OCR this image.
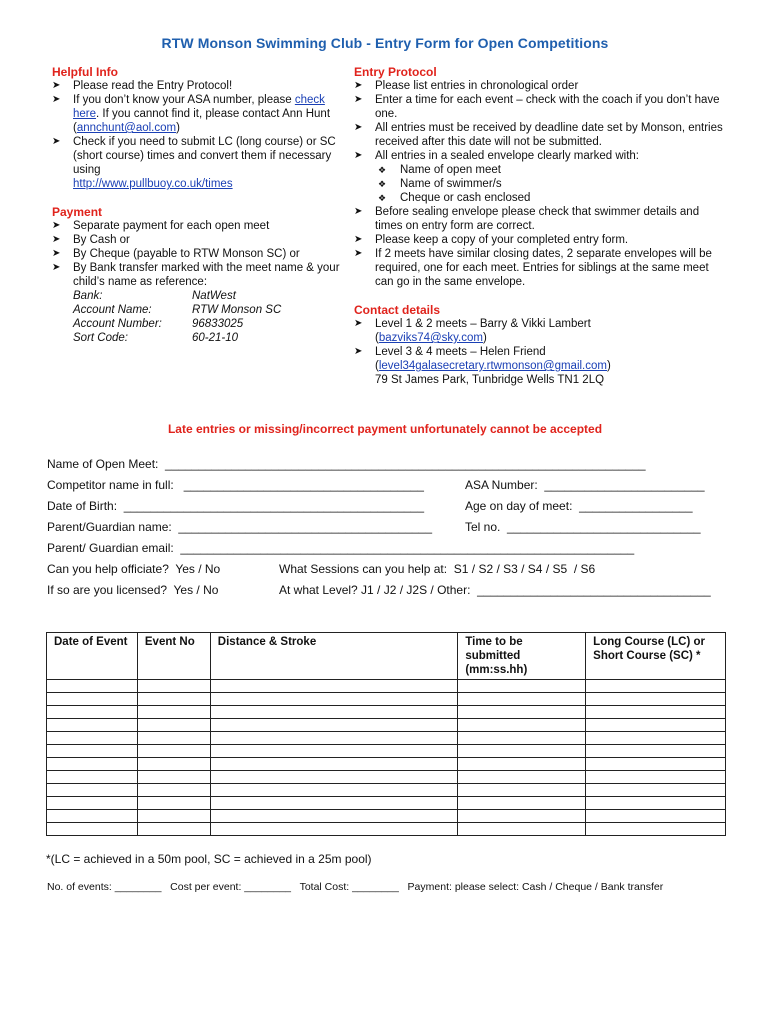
RTW Monson Swimming Club - Entry Form for Open Competitions
Helpful Info
➤ Please read the Entry Protocol!
➤ If you don’t know your ASA number, please check here. If you cannot find it, please contact Ann Hunt (annchunt@aol.com)
➤ Check if you need to submit LC (long course) or SC (short course) times and convert them if necessary using
http://www.pullbuoy.co.uk/times
Payment
➤ Separate payment for each open meet
➤ By Cash or
➤ By Cheque (payable to RTW Monson SC) or
➤ By Bank transfer marked with the meet name & your child’s name as reference:
Bank:	NatWest
Account Name:	RTW Monson SC
Account Number:	96833025
Sort Code:	60-21-10
Entry Protocol
➤ Please list entries in chronological order
➤ Enter a time for each event – check with the coach if you don’t have one.
➤ All entries must be received by deadline date set by Monson, entries received after this date will not be submitted.
➤ All entries in a sealed envelope clearly marked with:
❖ Name of open meet
❖ Name of swimmer/s
❖ Cheque or cash enclosed
➤ Before sealing envelope please check that swimmer details and times on entry form are correct.
➤ Please keep a copy of your completed entry form.
➤ If 2 meets have similar closing dates, 2 separate envelopes will be required, one for each meet. Entries for siblings at the same meet can go in the same envelope.
Contact details
➤ Level 1 & 2 meets – Barry & Vikki Lambert
(bazviks74@sky.com)
➤ Level 3 & 4 meets – Helen Friend
(level34galasecretary.rtwmonson@gmail.com)
79 St James Park, Tunbridge Wells TN1 2LQ
Late entries or missing/incorrect payment unfortunately cannot be accepted
Name of Open Meet:  ________________________________________________________________________
Competitor name in full:   ____________________________________	ASA Number:  ________________________
Date of Birth:  _____________________________________________	Age on day of meet:  _________________
Parent/Guardian name:  ______________________________________	Tel no.  _____________________________
Parent/ Guardian email:  ____________________________________________________________________
Can you help officiate?  Yes / No	What Sessions can you help at:  S1 / S2 / S3 / S4 / S5  / S6
If so are you licensed?  Yes / No	At what Level? J1 / J2 / J2S / Other:  ___________________________________
Date of Event	Event No	Distance & Stroke	Time to be submitted (mm:ss.hh)	Long Course (LC) or Short Course (SC) *

*(LC = achieved in a 50m pool, SC = achieved in a 25m pool)
No. of events: ________   Cost per event: ________   Total Cost: ________   Payment: please select: Cash / Cheque / Bank transfer
